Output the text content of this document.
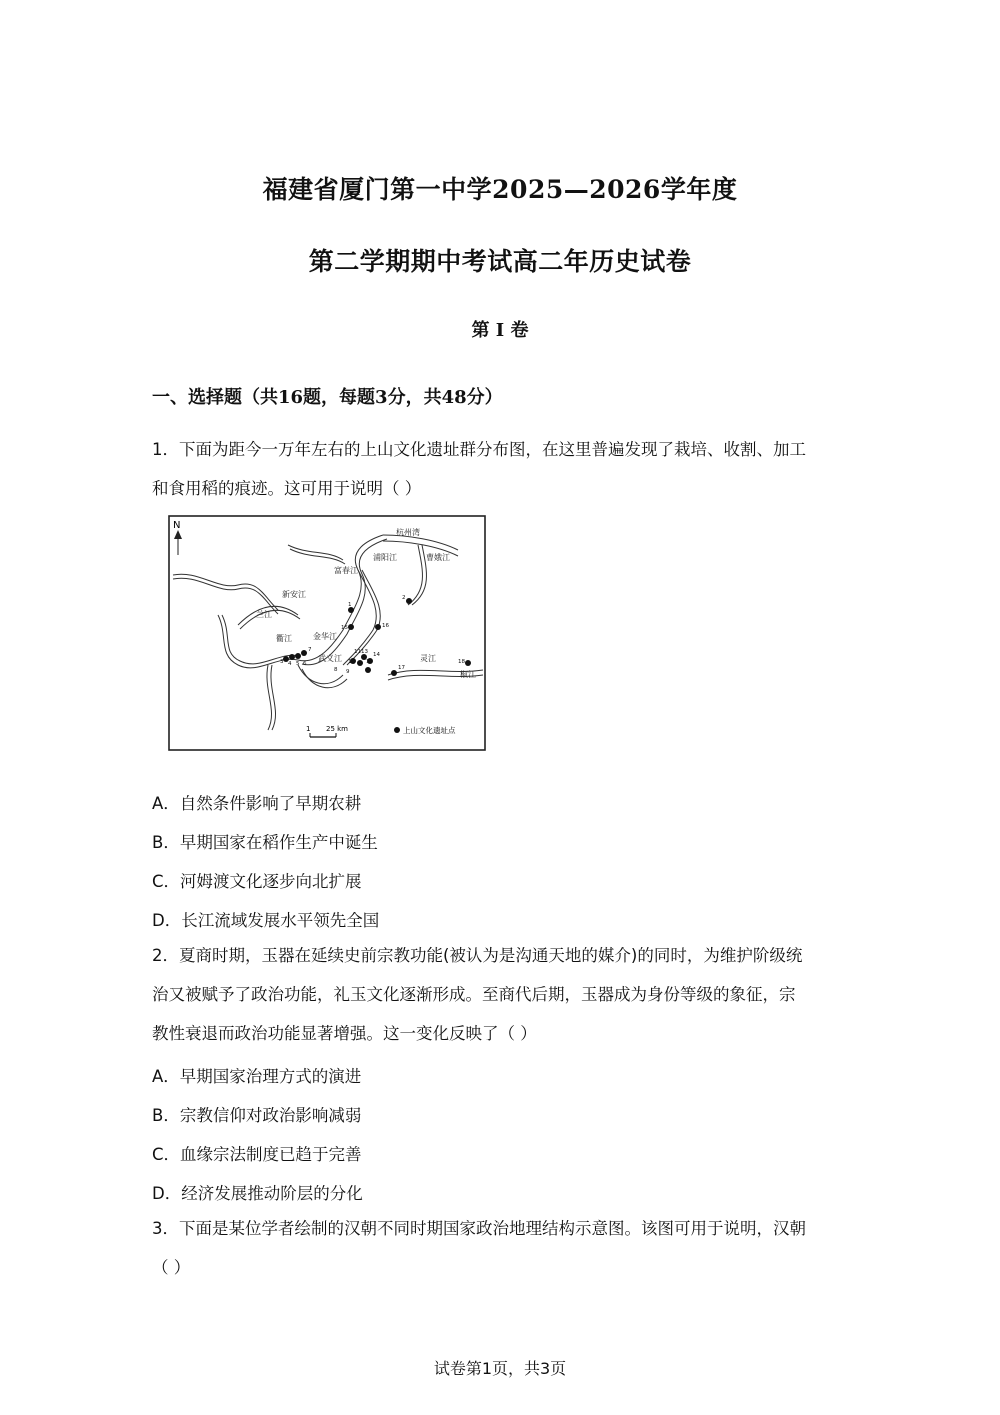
福建省厦门第一中学2025—2026学年度
第二学期期中考试高二年历史试卷
第 I 卷
一、选择题（共16题，每题3分，共48分）
1．下面为距今一万年左右的上山文化遗址群分布图，在这里普遍发现了栽培、收割、加工
和食用稻的痕迹。这可用于说明（ ）
N
杭州湾
曹娥江
浦阳江
富春江
新安江
兰江
衢江	金华江
武义江	灵江
椒江
1
2
3 4 5 6
7
8 9
10
11
12
13 14
15	16
17
18
1 25 km	上山文化遗址点
A．自然条件影响了早期农耕
B．早期国家在稻作生产中诞生
C．河姆渡文化逐步向北扩展
D．长江流域发展水平领先全国
2．夏商时期，玉器在延续史前宗教功能(被认为是沟通天地的媒介)的同时，为维护阶级统
治又被赋予了政治功能，礼玉文化逐渐形成。至商代后期，玉器成为身份等级的象征，宗
教性衰退而政治功能显著增强。这一变化反映了（ ）
A．早期国家治理方式的演进
B．宗教信仰对政治影响减弱
C．血缘宗法制度已趋于完善
D．经济发展推动阶层的分化
3．下面是某位学者绘制的汉朝不同时期国家政治地理结构示意图。该图可用于说明，汉朝
（ ）
试卷第1页，共3页
